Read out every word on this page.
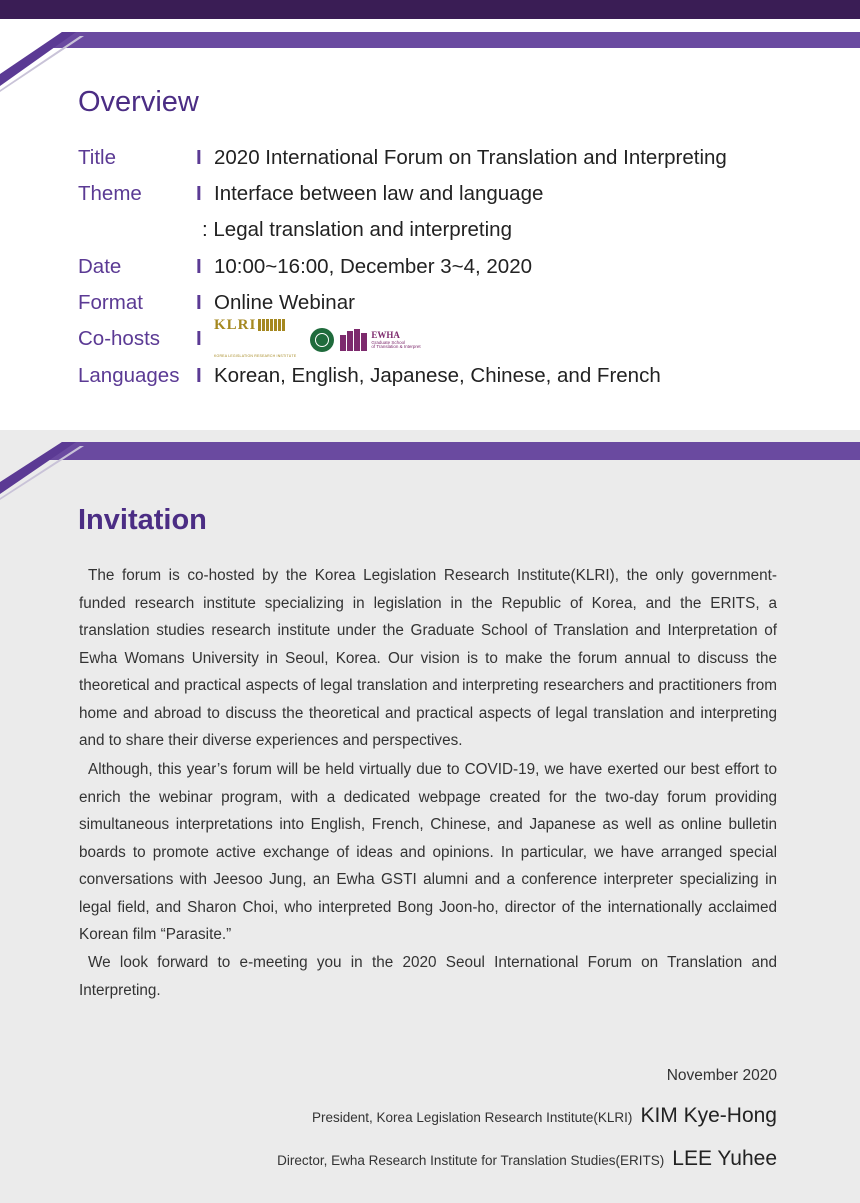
Overview
Title	I 2020 International Forum on Translation and Interpreting
Theme	I Interface between law and language
: Legal translation and interpreting
Date	I 10:00~16:00, December 3~4, 2020
Format	I Online Webinar
Co-hosts I
KLRI
KOREA LEGISLATION RESEARCH INSTITUTE
EWHA
Graduate School
of Translation & Interpret
Languages I Korean, English, Japanese, Chinese, and French
Invitation

The forum is co-hosted by the Korea Legislation Research Institute(KLRI), the only government-funded research institute specializing in legislation in the Republic of Korea, and the ERITS, a translation studies research institute under the Graduate School of Translation and Interpretation of Ewha Womans University in Seoul, Korea. Our vision is to make the forum annual to discuss the theoretical and practical aspects of legal translation and interpreting researchers and practitioners from home and abroad to discuss the theoretical and practical aspects of legal translation and interpreting and to share their diverse experiences and perspectives.

Although, this year’s forum will be held virtually due to COVID-19, we have exerted our best effort to enrich the webinar program, with a dedicated webpage created for the two-day forum providing simultaneous interpretations into English, French, Chinese, and Japanese as well as online bulletin boards to promote active exchange of ideas and opinions. In particular, we have arranged special conversations with Jeesoo Jung, an Ewha GSTI alumni and a conference interpreter specializing in legal field, and Sharon Choi, who interpreted Bong Joon-ho, director of the internationally acclaimed Korean film “Parasite.”

We look forward to e-meeting you in the 2020 Seoul International Forum on Translation and Interpreting.

November 2020
President, Korea Legislation Research Institute(KLRI) KIM Kye-Hong
Director, Ewha Research Institute for Translation Studies(ERITS) LEE Yuhee
